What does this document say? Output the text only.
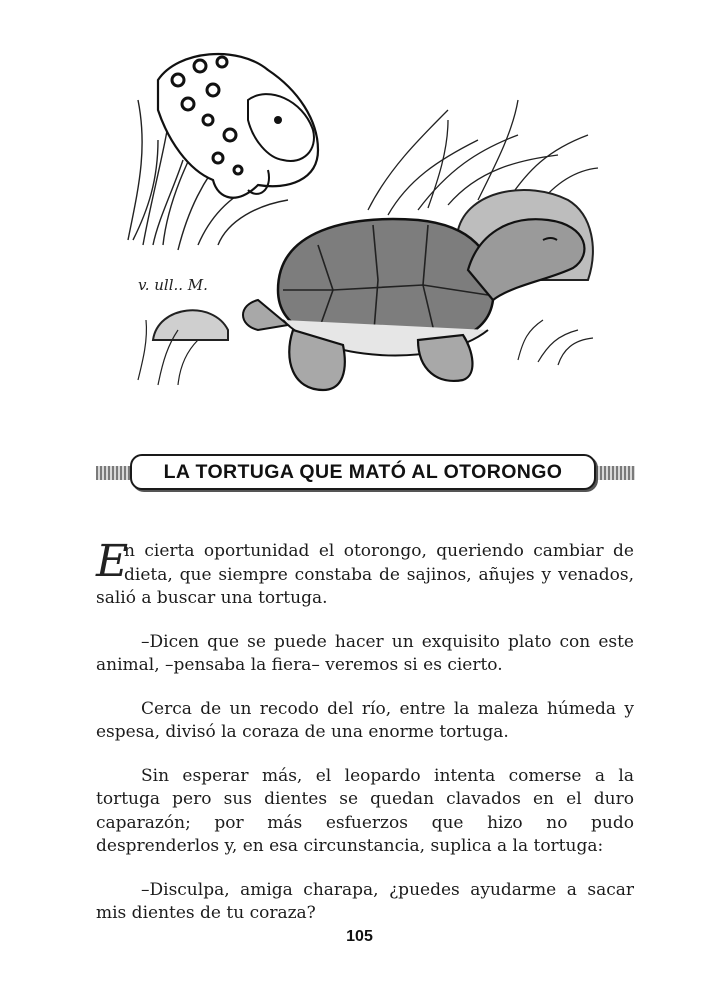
v. ull.. M.
LA TORTUGA QUE MATÓ AL OTORONGO

E
n cierta oportunidad el otorongo, queriendo cambiar de dieta, que siempre constaba de sajinos, añujes y venados, salió a buscar una tortuga.

–Dicen que se puede hacer un exquisito plato con este animal, –pensaba la fiera– veremos si es cierto.

Cerca de un recodo del río, entre la maleza húmeda y espesa, divisó la coraza de una enorme tortuga.

Sin esperar más, el leopardo intenta comerse a la tortuga pero sus dientes se quedan clavados en el duro caparazón; por más esfuerzos que hizo no pudo desprenderlos y, en esa circunstancia, suplica a la tortuga:

–Disculpa, amiga charapa, ¿puedes ayudarme a sacar mis dientes de tu coraza?

105
